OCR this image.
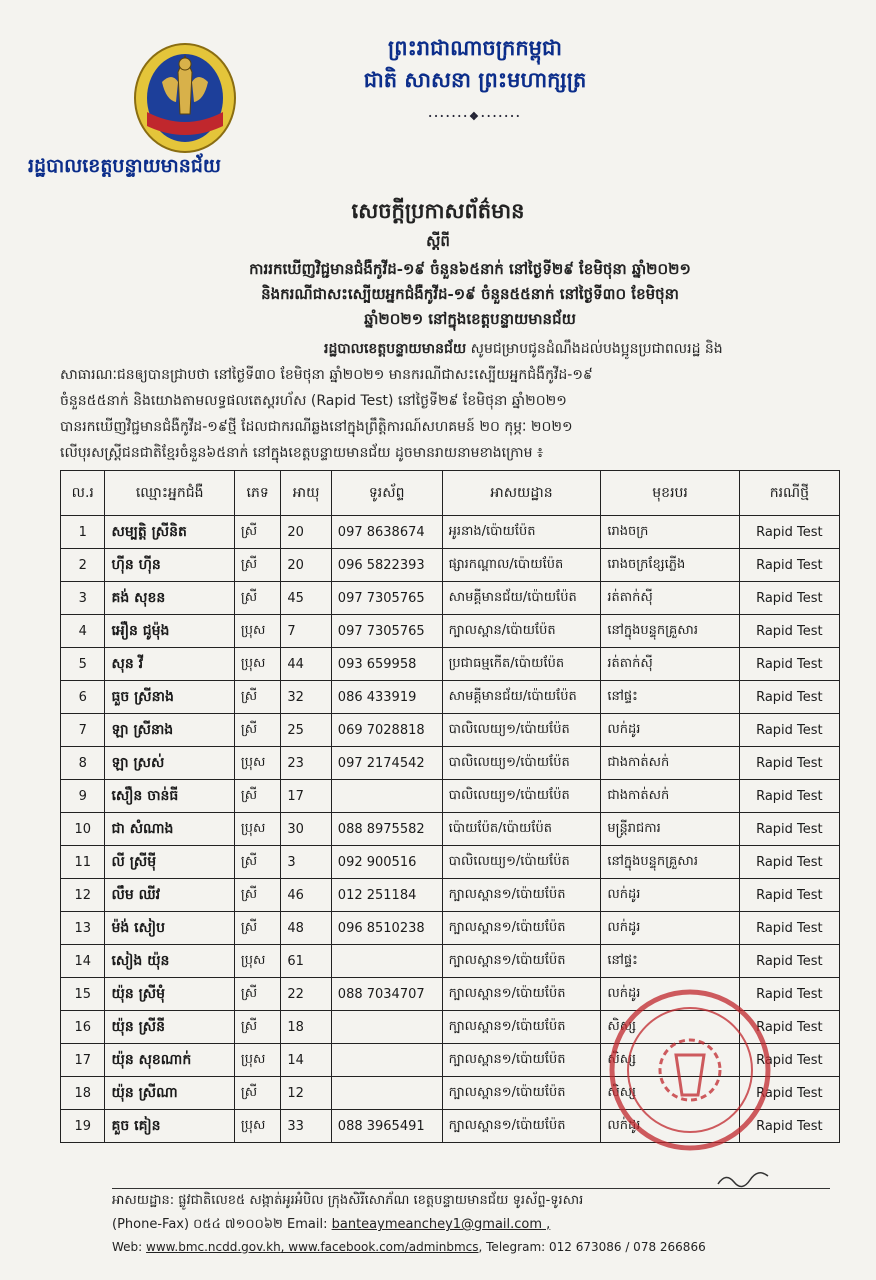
ព្រះរាជាណាចក្រកម្ពុជា
ជាតិ សាសនា ព្រះមហាក្សត្រ
·······❖·······
រដ្ឋបាលខេត្តបន្ទាយមានជ័យ
សេចក្ដីប្រកាសព័ត៌មាន
ស្ដីពី
ការរកឃើញវិជ្ជមានជំងឺកូវីដ-១៩ ចំនួន៦៥នាក់ នៅថ្ងៃទី២៩ ខែមិថុនា ឆ្នាំ២០២១
និងករណីជាសះស្បើយអ្នកជំងឺកូវីដ-១៩ ចំនួន៥៥នាក់ នៅថ្ងៃទី៣០ ខែមិថុនា
ឆ្នាំ២០២១ នៅក្នុងខេត្តបន្ទាយមានជ័យ
រដ្ឋបាលខេត្តបន្ទាយមានជ័យ សូមជម្រាបជូនដំណឹងដល់បងប្អូនប្រជាពលរដ្ឋ និង
សាធារណៈជនឲ្យបានជ្រាបថា នៅថ្ងៃទី៣០ ខែមិថុនា ឆ្នាំ២០២១ មានករណីជាសះស្បើយអ្នកជំងឺកូវីដ-១៩
ចំនួន៥៥នាក់ និងយោងតាមលទ្ធផលតេស្ដរហ័ស (Rapid Test) នៅថ្ងៃទី២៩ ខែមិថុនា ឆ្នាំ២០២១
បានរកឃើញវិជ្ជមានជំងឺកូវីដ-១៩ថ្មី ដែលជាករណីឆ្លងនៅក្នុងព្រឹត្តិការណ៍សហគមន៍ ២០ កុម្ភៈ ២០២១
លើបុរសស្ត្រីជនជាតិខ្មែរចំនួន៦៥នាក់ នៅក្នុងខេត្តបន្ទាយមានជ័យ ដូចមានរាយនាមខាងក្រោម ៖
ល.រ	ឈ្មោះអ្នកជំងឺ	ភេទ	អាយុ	ទូរស័ព្ទ	អាសយដ្ឋាន	មុខរបរ	ករណីថ្មី
1	សម្បត្តិ ស្រីនិត	ស្រី	20	097 8638674	អូរនាង/ប៉ោយប៉ែត	រោងចក្រ	Rapid Test
2	ហ៊ីន ហ៊ីន	ស្រី	20	096 5822393	ផ្សារកណ្ដាល/ប៉ោយប៉ែត	រោងចក្រខ្សែភ្លើង	Rapid Test
3	គង់ សុខន	ស្រី	45	097 7305765	សាមគ្គីមានជ័យ/ប៉ោយប៉ែត	រត់តាក់ស៊ី	Rapid Test
4	អឿន ជូម៉ុង	ប្រុស	7	097 7305765	ក្បាលស្ពាន/ប៉ោយប៉ែត	នៅក្នុងបន្ទុកគ្រួសារ	Rapid Test
5	សុន វី	ប្រុស	44	093 659958	ប្រជាធម្មកើត/ប៉ោយប៉ែត	រត់តាក់ស៊ី	Rapid Test
6	ធួច ស្រីនាង	ស្រី	32	086 433919	សាមគ្គីមានជ័យ/ប៉ោយប៉ែត	នៅផ្ទះ	Rapid Test
7	ឡា ស្រីនាង	ស្រី	25	069 7028818	បាលិលេយ្យ១/ប៉ោយប៉ែត	លក់ដូរ	Rapid Test
8	ឡា ស្រស់	ប្រុស	23	097 2174542	បាលិលេយ្យ១/ប៉ោយប៉ែត	ជាងកាត់សក់	Rapid Test
9	សឿន ចាន់ធី	ស្រី	17		បាលិលេយ្យ១/ប៉ោយប៉ែត	ជាងកាត់សក់	Rapid Test
10	ជា សំណាង	ប្រុស	30	088 8975582	ប៉ោយប៉ែត/ប៉ោយប៉ែត	មន្ត្រីរាជការ	Rapid Test
11	លី ស្រីមុី	ស្រី	3	092 900516	បាលិលេយ្យ១/ប៉ោយប៉ែត	នៅក្នុងបន្ទុកគ្រួសារ	Rapid Test
12	លឹម ឈីវ	ស្រី	46	012 251184	ក្បាលស្ពាន១/ប៉ោយប៉ែត	លក់ដូរ	Rapid Test
13	ម៉ង់ សៀប	ស្រី	48	096 8510238	ក្បាលស្ពាន១/ប៉ោយប៉ែត	លក់ដូរ	Rapid Test
14	សៀង យ៉ុន	ប្រុស	61		ក្បាលស្ពាន១/ប៉ោយប៉ែត	នៅផ្ទះ	Rapid Test
15	យ៉ុន ស្រីមុំ	ស្រី	22	088 7034707	ក្បាលស្ពាន១/ប៉ោយប៉ែត	លក់ដូរ	Rapid Test
16	យ៉ុន ស្រីនី	ស្រី	18		ក្បាលស្ពាន១/ប៉ោយប៉ែត	សិស្ស	Rapid Test
17	យ៉ុន សុខណាក់	ប្រុស	14		ក្បាលស្ពាន១/ប៉ោយប៉ែត	សិស្ស	Rapid Test
18	យ៉ុន ស្រីណា	ស្រី	12		ក្បាលស្ពាន១/ប៉ោយប៉ែត	សិស្ស	Rapid Test
19	គួច គៀន	ប្រុស	33	088 3965491	ក្បាលស្ពាន១/ប៉ោយប៉ែត	លក់ដូរ	Rapid Test
អាសយដ្ឋាន: ផ្លូវជាតិលេខ៥ សង្កាត់អូរអំបិល ក្រុងសិរីសោភ័ណ ខេត្តបន្ទាយមានជ័យ ទូរស័ព្ទ-ទូរសារ
(Phone-Fax) ០៥៤ ៧១០០៦២ Email: banteaymeanchey1@gmail.com ,
Web: www.bmc.ncdd.gov.kh, www.facebook.com/adminbmcs, Telegram: 012 673086 / 078 266866
